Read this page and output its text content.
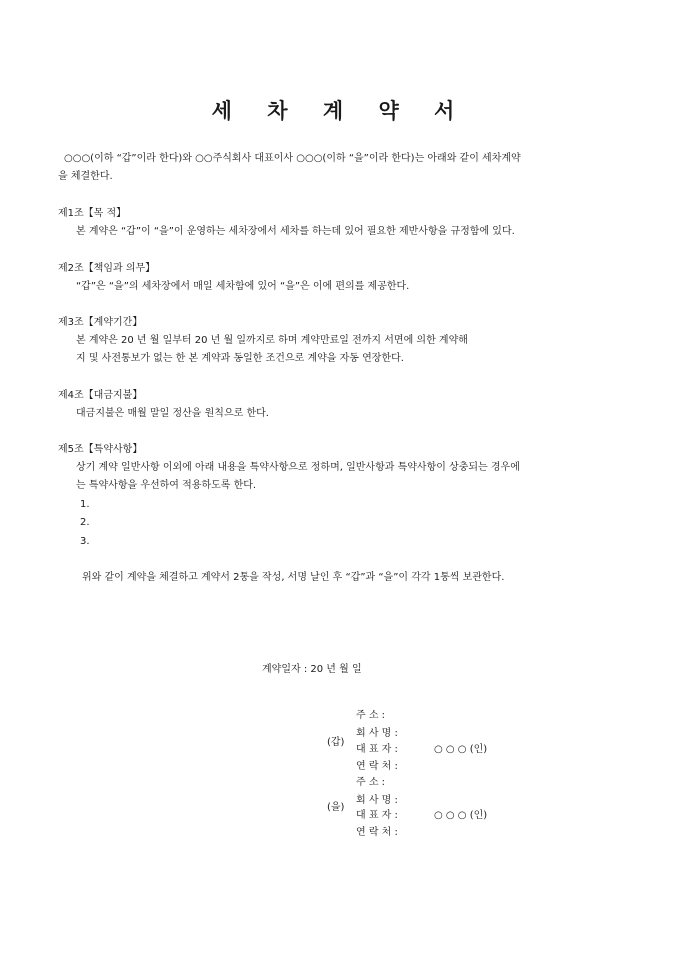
세 차 계 약 서
○○○(이하 “갑”이라 한다)와 ○○주식회사 대표이사 ○○○(이하 “을”이라 한다)는 아래와 같이 세차계약
을 체결한다.
제1조【목 적】
본 계약은 “갑”이 “을”이 운영하는 세차장에서 세차를 하는데 있어 필요한 제반사항을 규정함에 있다.
제2조【책임과 의무】
“갑”은 “을”의 세차장에서 매일 세차함에 있어 “을”은 이에 편의를 제공한다.
제3조【계약기간】
본 계약은 20 년 월 일부터 20 년 월 일까지로 하며 계약만료일 전까지 서면에 의한 계약해
지 및 사전통보가 없는 한 본 계약과 동일한 조건으로 계약을 자동 연장한다.
제4조【대금지불】
대금지불은 매월 말일 정산을 원칙으로 한다.
제5조【특약사항】
상기 계약 일반사항 이외에 아래 내용을 특약사항으로 정하며, 일반사항과 특약사항이 상충되는 경우에
는 특약사항을 우선하여 적용하도록 한다.
1.
2.
3.
위와 같이 계약을 체결하고 계약서 2통을 작성, 서명 날인 후 “갑”과 “을”이 각각 1통씩 보관한다.
계약일자 : 20 년 월 일
(갑)
주 소 :
회 사 명 :
대 표 자 :	○ ○ ○ (인)
연 락 처 :
(을)
주 소 :
회 사 명 :
대 표 자 :	○ ○ ○ (인)
연 락 처 :
